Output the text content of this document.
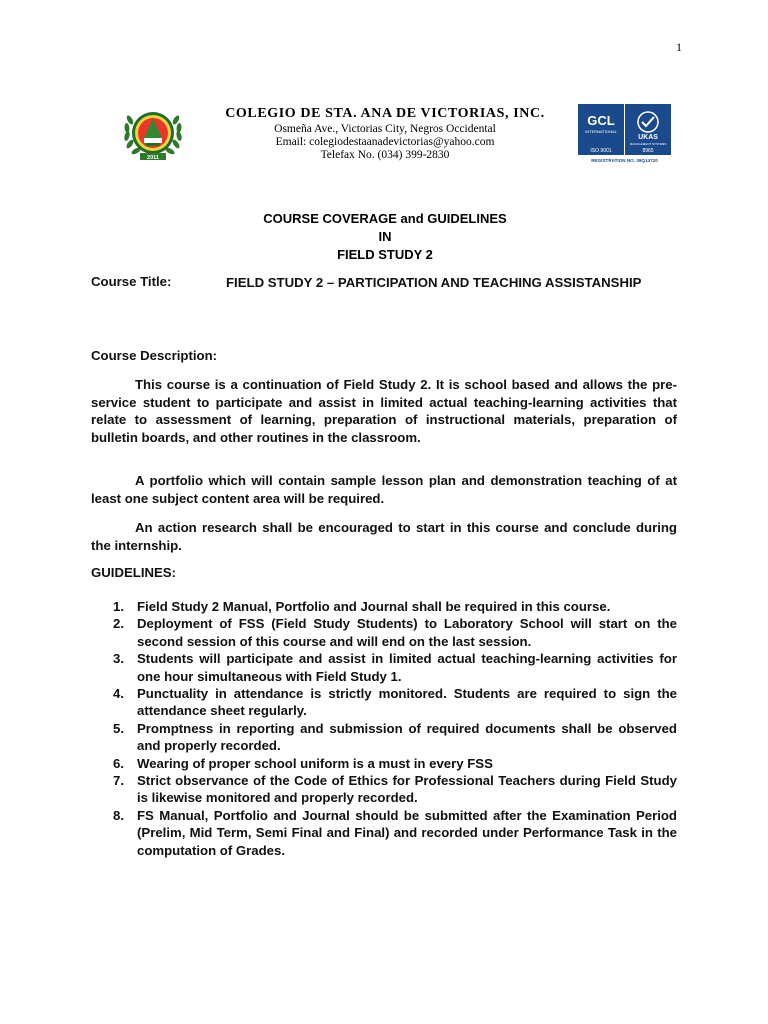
1
2011
COLEGIO DE STA. ANA DE VICTORIAS, INC.
Osmeña Ave., Victorias City, Negros Occidental
Email: colegiodestaanadevictorias@yahoo.com
Telefax No. (034) 399-2830
GCL
INTERNATIONAL
ISO 9001
UKAS
MANAGEMENT SYSTEMS
8965
REGISTRATION NO. 39Q14720
COURSE COVERAGE and GUIDELINES
IN
FIELD STUDY 2
Course Title:	FIELD STUDY 2 – PARTICIPATION AND TEACHING ASSISTANSHIP
Course Description:

This course is a continuation of Field Study 2. It is school based and allows the pre-service student to participate and assist in limited actual teaching-learning activities that relate to assessment of learning, preparation of instructional materials, preparation of bulletin boards, and other routines in the classroom.

A portfolio which will contain sample lesson plan and demonstration teaching of at least one subject content area will be required.

An action research shall be encouraged to start in this course and conclude during the internship.

GUIDELINES:
1. Field Study 2 Manual, Portfolio and Journal shall be required in this course.
2. Deployment of FSS (Field Study Students) to Laboratory School will start on the second session of this course and will end on the last session.
3. Students will participate and assist in limited actual teaching-learning activities for one hour simultaneous with Field Study 1.
4. Punctuality in attendance is strictly monitored. Students are required to sign the attendance sheet regularly.
5. Promptness in reporting and submission of required documents shall be observed and properly recorded.
6. Wearing of proper school uniform is a must in every FSS
7. Strict observance of the Code of Ethics for Professional Teachers during Field Study is likewise monitored and properly recorded.
8. FS Manual, Portfolio and Journal should be submitted after the Examination Period (Prelim, Mid Term, Semi Final and Final) and recorded under Performance Task in the computation of Grades.
